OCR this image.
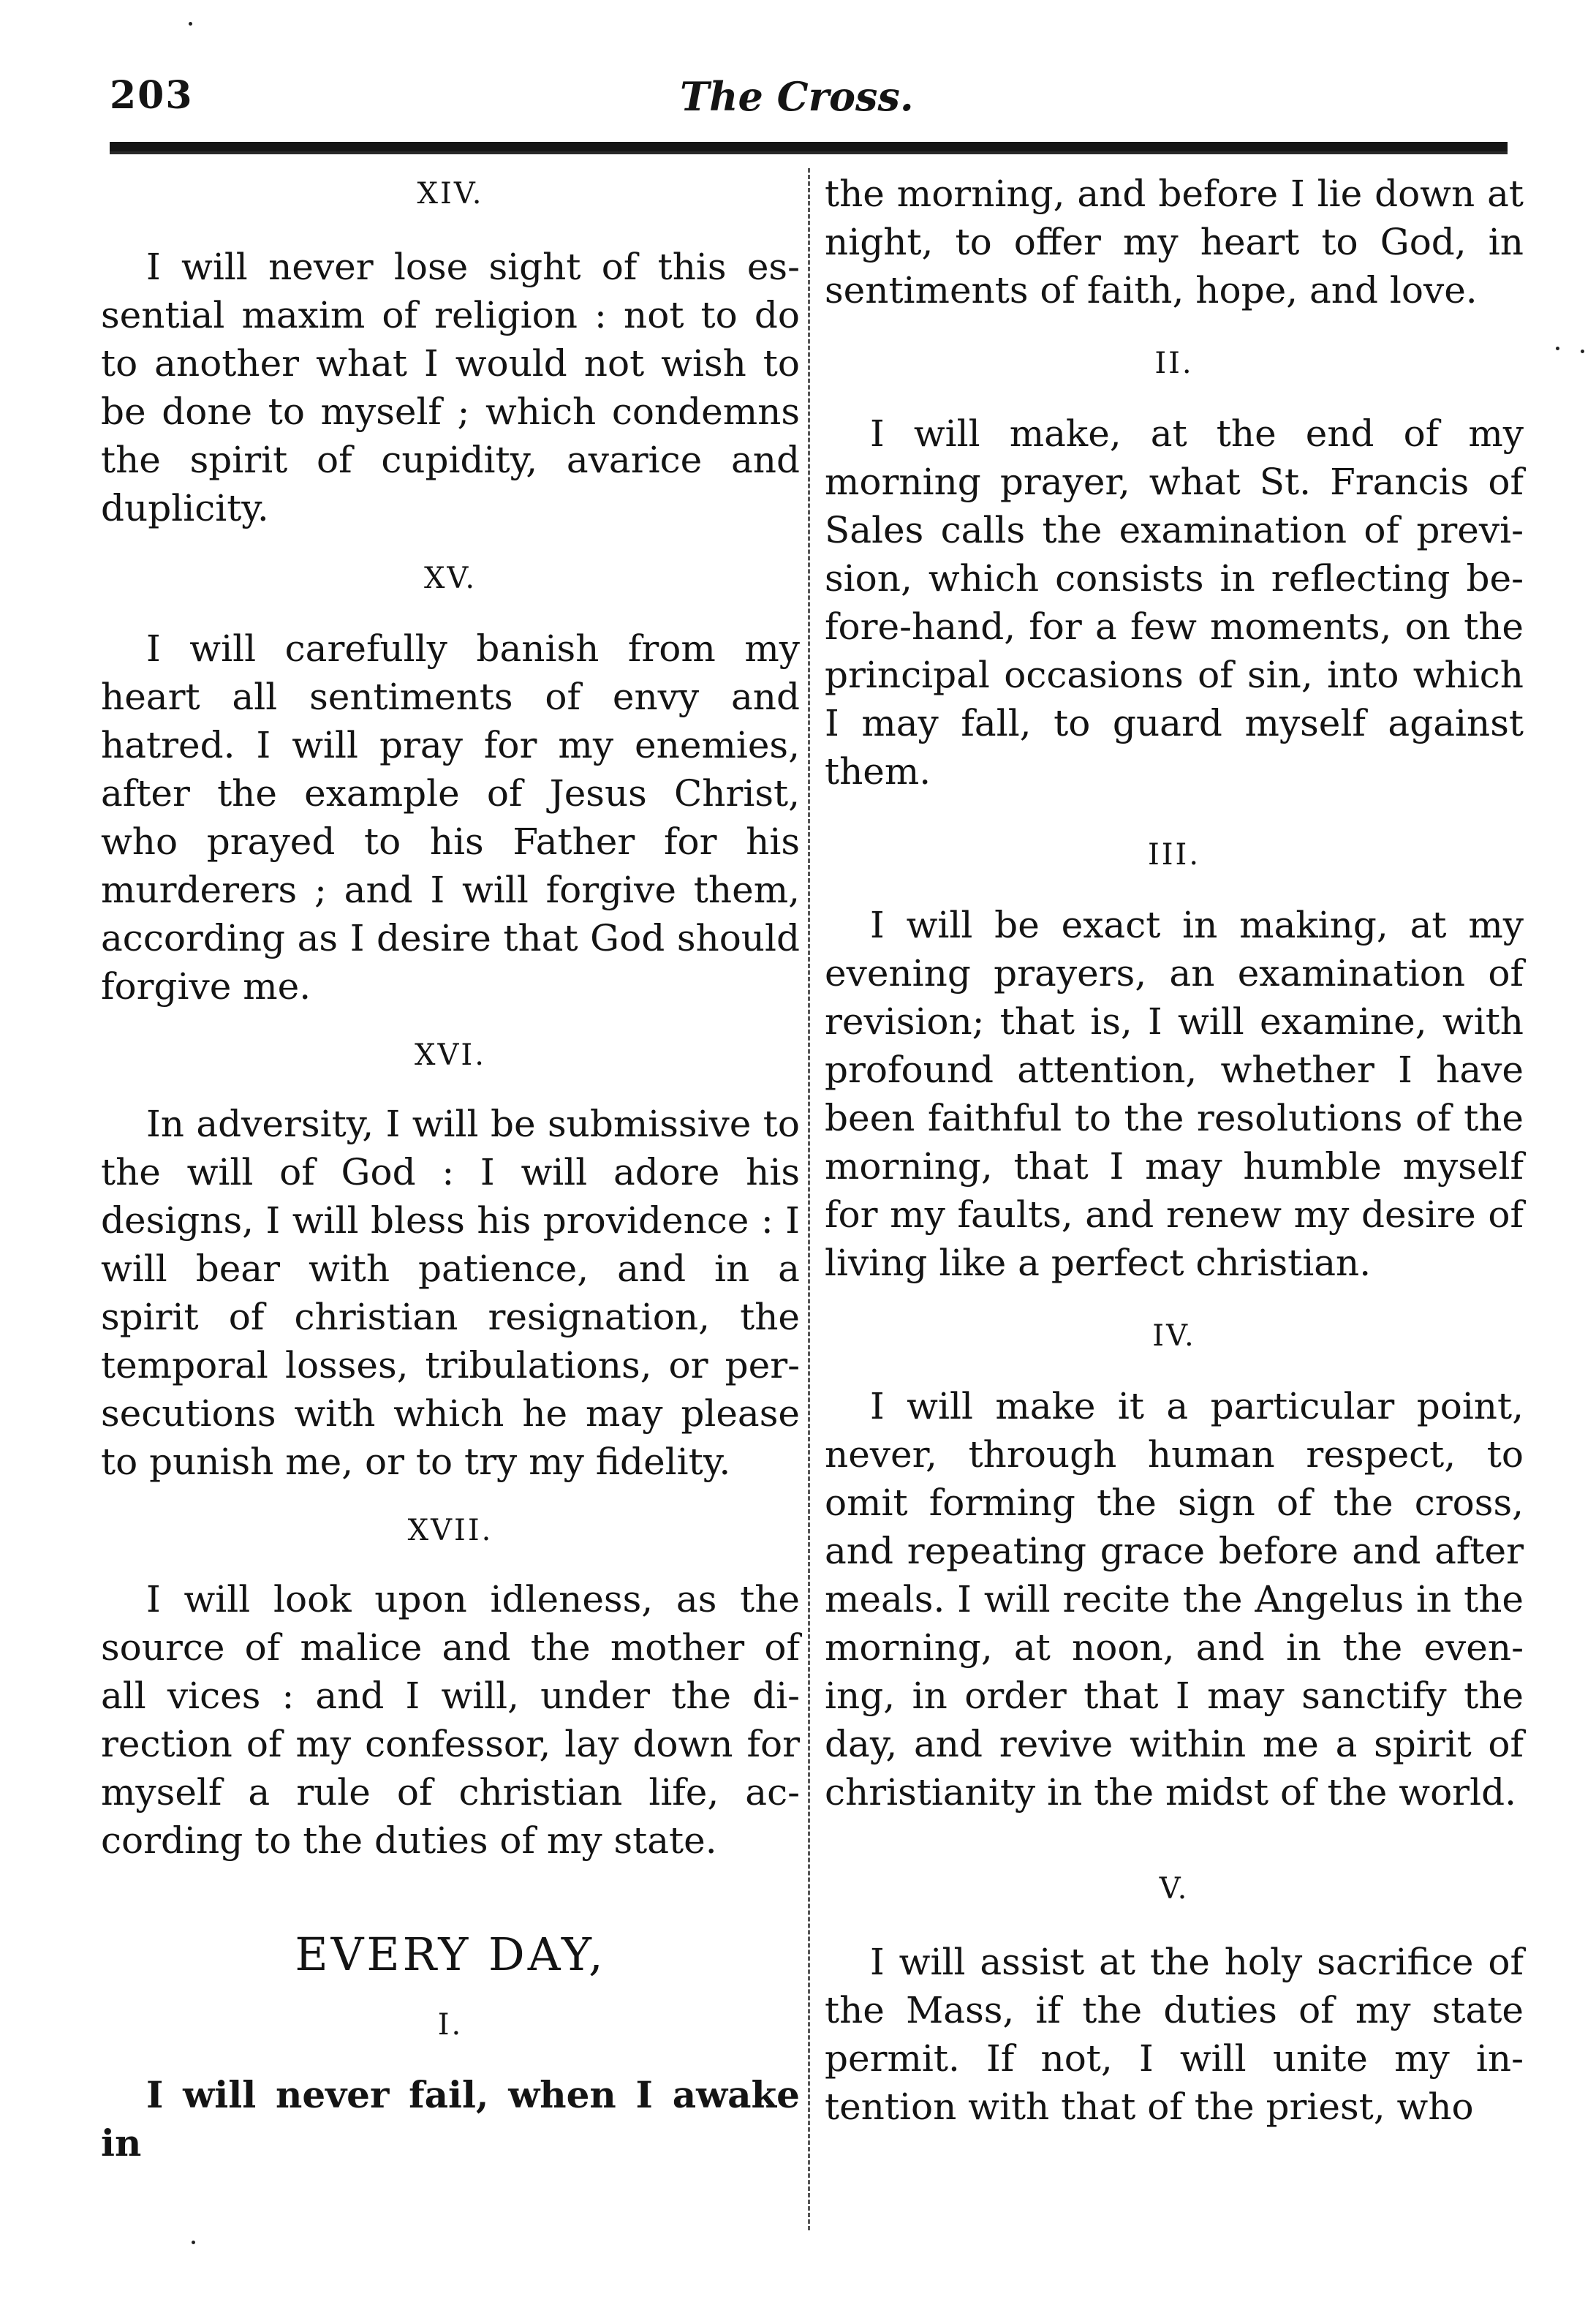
203	The Cross.
XIV.

I will never lose sight of this es-sential maxim of religion : not to do to another what I would not wish to be done to myself ; which condemns the spirit of cupidity, avarice and duplicity.

XV.

I will carefully banish from my heart all sentiments of envy and hatred. I will pray for my enemies, after the example of Jesus Christ, who prayed to his Father for his murderers ; and I will forgive them, according as I desire that God should forgive me.

XVI.

In adversity, I will be submissive to the will of God : I will adore his designs, I will bless his providence : I will bear with patience, and in a spirit of christian resignation, the temporal losses, tribulations, or per-secutions with which he may please to punish me, or to try my fidelity.

XVII.

I will look upon idleness, as the source of malice and the mother of all vices : and I will, under the di-rection of my confessor, lay down for myself a rule of christian life, ac-cording to the duties of my state.

EVERY DAY,
I.

I will never fail, when I awake in

the morning, and before I lie down at night, to offer my heart to God, in sentiments of faith, hope, and love.

II.

I will make, at the end of my morning prayer, what St. Francis of Sales calls the examination of previ-sion, which consists in reflecting be-fore-hand, for a few moments, on the principal occasions of sin, into which I may fall, to guard myself against them.

III.

I will be exact in making, at my evening prayers, an examination of revision; that is, I will examine, with profound attention, whether I have been faithful to the resolutions of the morning, that I may humble myself for my faults, and renew my desire of living like a perfect christian.

IV.

I will make it a particular point, never, through human respect, to omit forming the sign of the cross, and repeating grace before and after meals. I will recite the Angelus in the morning, at noon, and in the even-ing, in order that I may sanctify the day, and revive within me a spirit of christianity in the midst of the world.

V.

I will assist at the holy sacrifice of the Mass, if the duties of my state permit. If not, I will unite my in-tention with that of the priest, who
